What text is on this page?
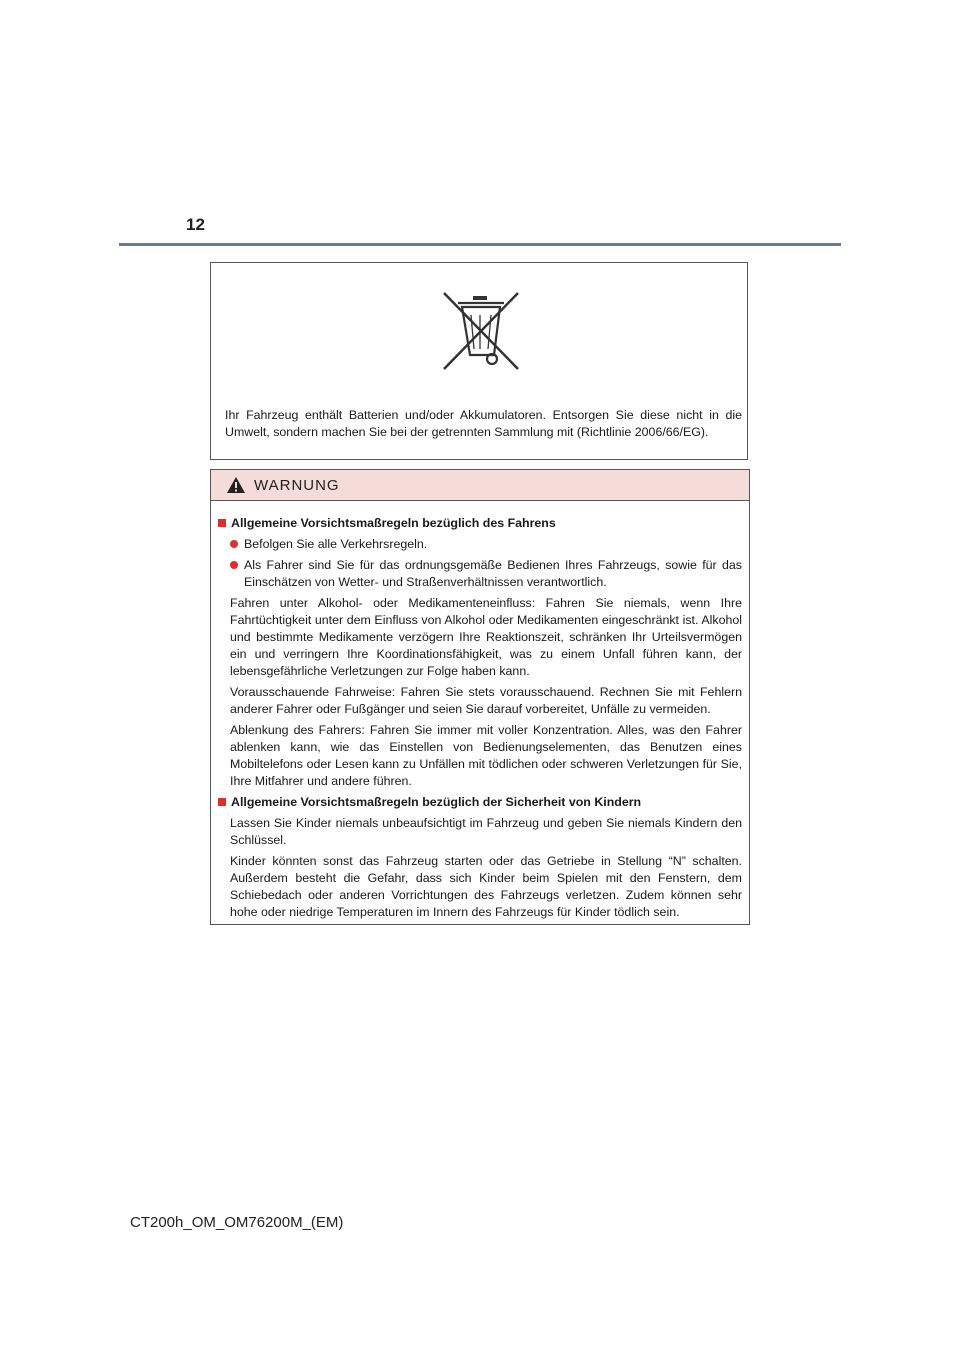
12
Ihr Fahrzeug enthält Batterien und/oder Akkumulatoren. Entsorgen Sie diese nicht in die Umwelt, sondern machen Sie bei der getrennten Sammlung mit (Richtlinie 2006/66/EG).
WARNUNG
Allgemeine Vorsichtsmaßregeln bezüglich des Fahrens
Befolgen Sie alle Verkehrsregeln.
Als Fahrer sind Sie für das ordnungsgemäße Bedienen Ihres Fahrzeugs, sowie für das Einschätzen von Wetter- und Straßenverhältnissen verantwortlich.
Fahren unter Alkohol- oder Medikamenteneinfluss: Fahren Sie niemals, wenn Ihre Fahrtüchtigkeit unter dem Einfluss von Alkohol oder Medikamenten eingeschränkt ist. Alkohol und bestimmte Medikamente verzögern Ihre Reaktionszeit, schränken Ihr Urteilsvermögen ein und verringern Ihre Koordinationsfähigkeit, was zu einem Unfall führen kann, der lebensgefährliche Verletzungen zur Folge haben kann.
Vorausschauende Fahrweise: Fahren Sie stets vorausschauend. Rechnen Sie mit Fehlern anderer Fahrer oder Fußgänger und seien Sie darauf vorbereitet, Unfälle zu vermeiden.
Ablenkung des Fahrers: Fahren Sie immer mit voller Konzentration. Alles, was den Fahrer ablenken kann, wie das Einstellen von Bedienungselementen, das Benutzen eines Mobiltelefons oder Lesen kann zu Unfällen mit tödlichen oder schweren Verletzungen für Sie, Ihre Mitfahrer und andere führen.
Allgemeine Vorsichtsmaßregeln bezüglich der Sicherheit von Kindern
Lassen Sie Kinder niemals unbeaufsichtigt im Fahrzeug und geben Sie niemals Kindern den Schlüssel.
Kinder könnten sonst das Fahrzeug starten oder das Getriebe in Stellung “N” schalten. Außerdem besteht die Gefahr, dass sich Kinder beim Spielen mit den Fenstern, dem Schiebedach oder anderen Vorrichtungen des Fahrzeugs verletzen. Zudem können sehr hohe oder niedrige Temperaturen im Innern des Fahrzeugs für Kinder tödlich sein.
CT200h_OM_OM76200M_(EM)
